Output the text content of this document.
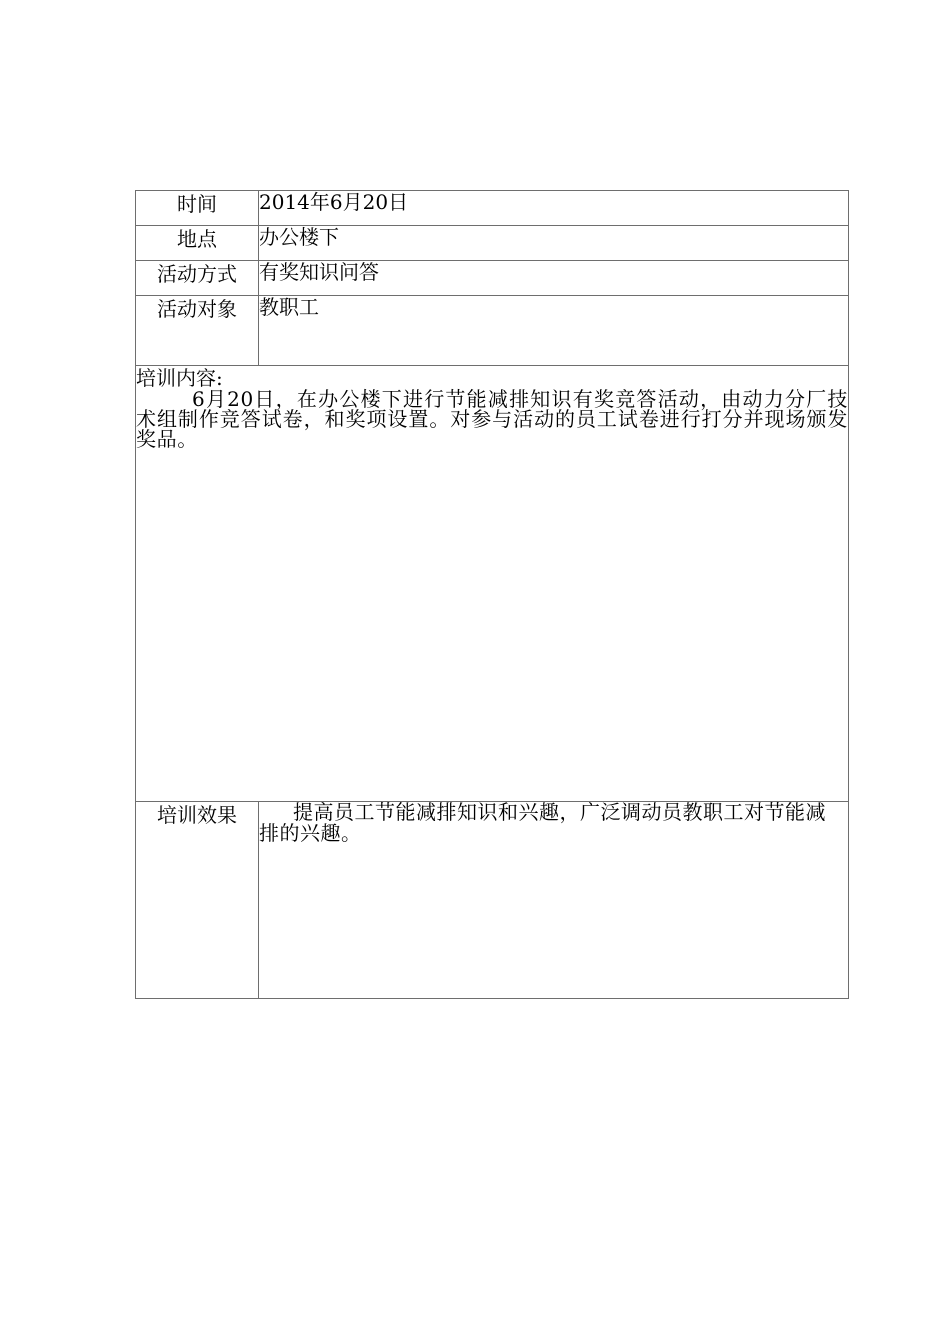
时间	2014年6月20日

地点	办公楼下

活动方式	有奖知识问答

活动对象	教职工

培训内容:
6月20日，在办公楼下进行节能减排知识有奖竞答活动，由动力分厂技术组制作竞答试卷，和奖项设置。对参与活动的员工试卷进行打分并现场颁发奖品。	

培训效果	提高员工节能减排知识和兴趣，广泛调动员教职工对节能减排的兴趣。
